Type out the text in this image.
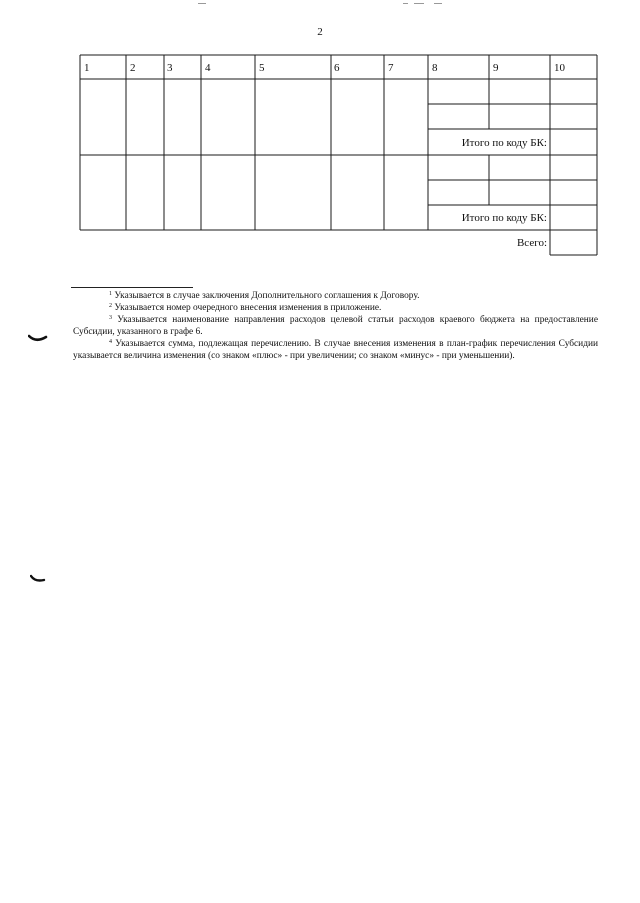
2
1	2	3	4	5	6	7	8	9	10
Итого по коду БК:
Итого по коду БК:
Всего:
$^1$ Указывается в случае заключения Дополнительного соглашения к Договору.
$^2$ Указывается номер очередного внесения изменения в приложение.
$^3$ Указывается наименование направления расходов целевой статьи расходов краевого бюджета на предоставление Субсидии, указанного в графе 6.
$^4$ Указывается сумма, подлежащая перечислению. В случае внесения изменения в план-график перечисления Субсидии указывается величина изменения (со знаком «плюс» - при увеличении; со знаком «минус» - при уменьшении).
